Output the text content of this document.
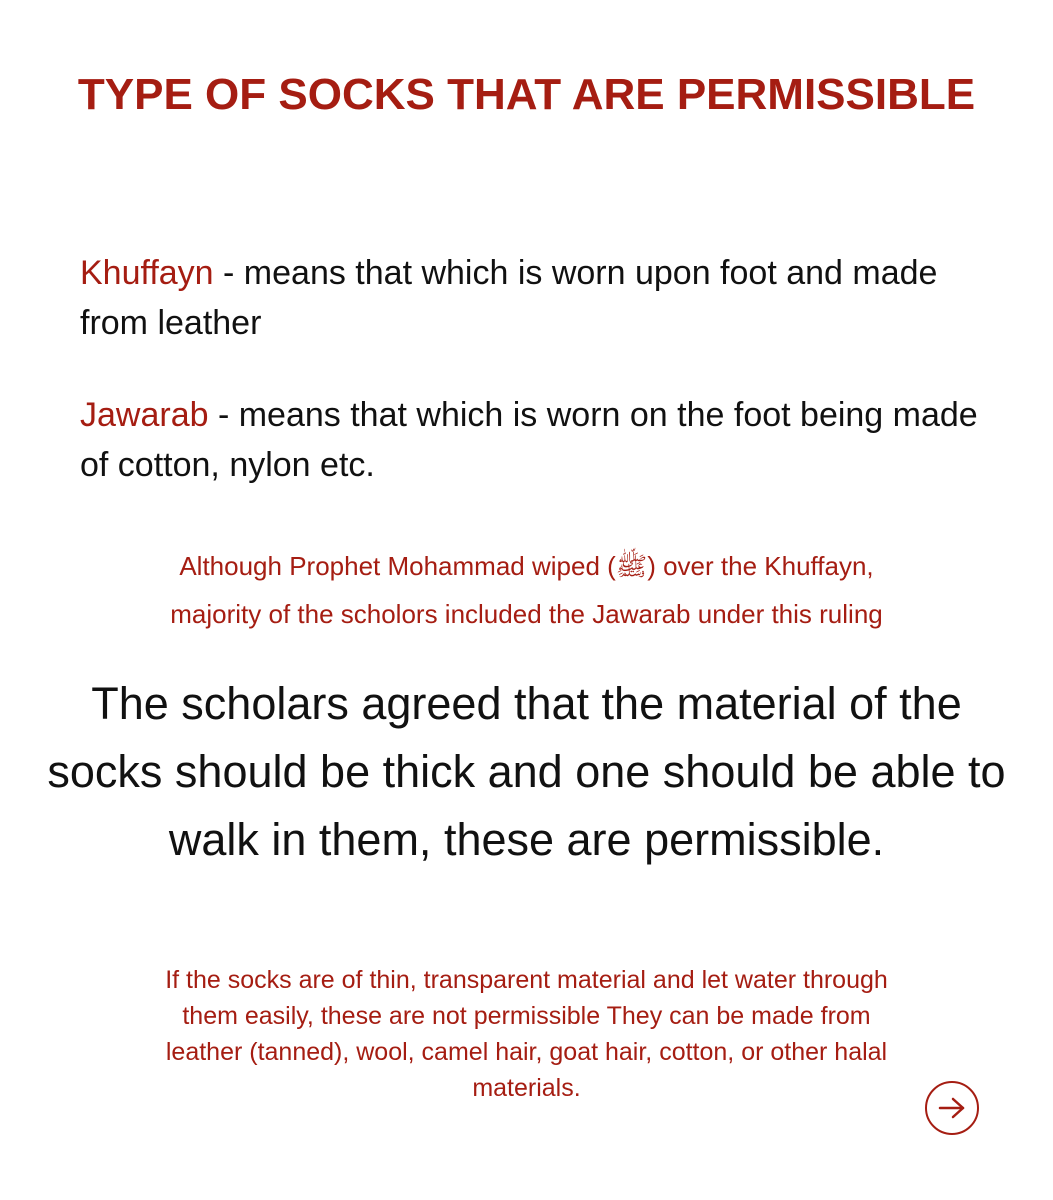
TYPE OF SOCKS THAT ARE PERMISSIBLE

Khuffayn - means that which is worn upon foot and made from leather

Jawarab - means that which is worn on the foot being made of cotton, nylon etc.

Although Prophet Mohammad wiped (ﷺ) over the Khuffayn,
majority of the scholors included the Jawarab under this ruling

The scholars agreed that the material of the socks should be thick and one should be able to walk in them, these are permissible.

If the socks are of thin, transparent material and let water through
them easily, these are not permissible They can be made from
leather (tanned), wool, camel hair, goat hair, cotton, or other halal
materials.
